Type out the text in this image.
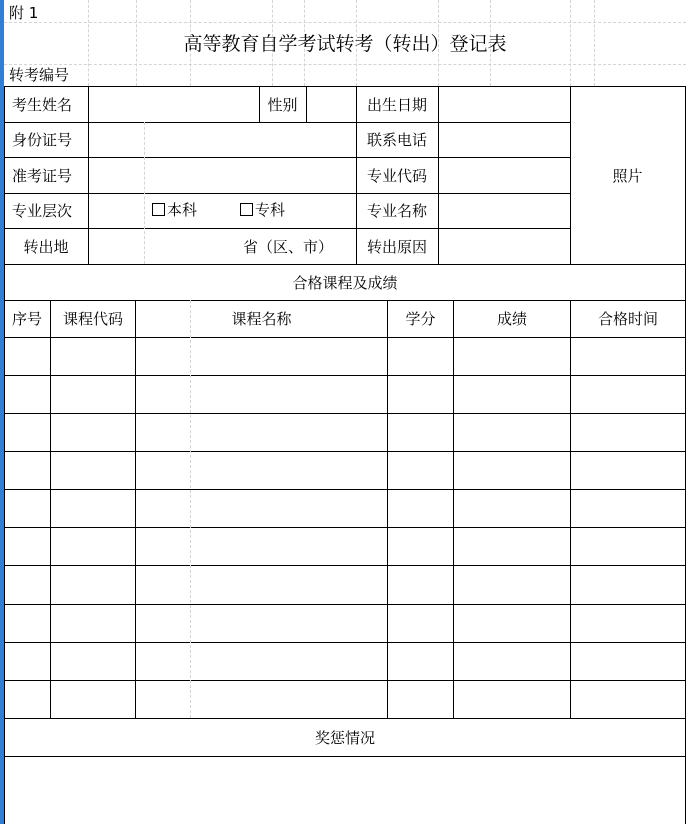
附 1
高等教育自学考试转考（转出）登记表
转考编号
考生姓名	性别	出生日期
照片
身份证号	联系电话
准考证号	专业代码
专业层次	本科	专科	专业名称
转出地	省（区、市）	转出原因
合格课程及成绩
序号	课程代码	课程名称	学分	成绩	合格时间
奖惩情况
